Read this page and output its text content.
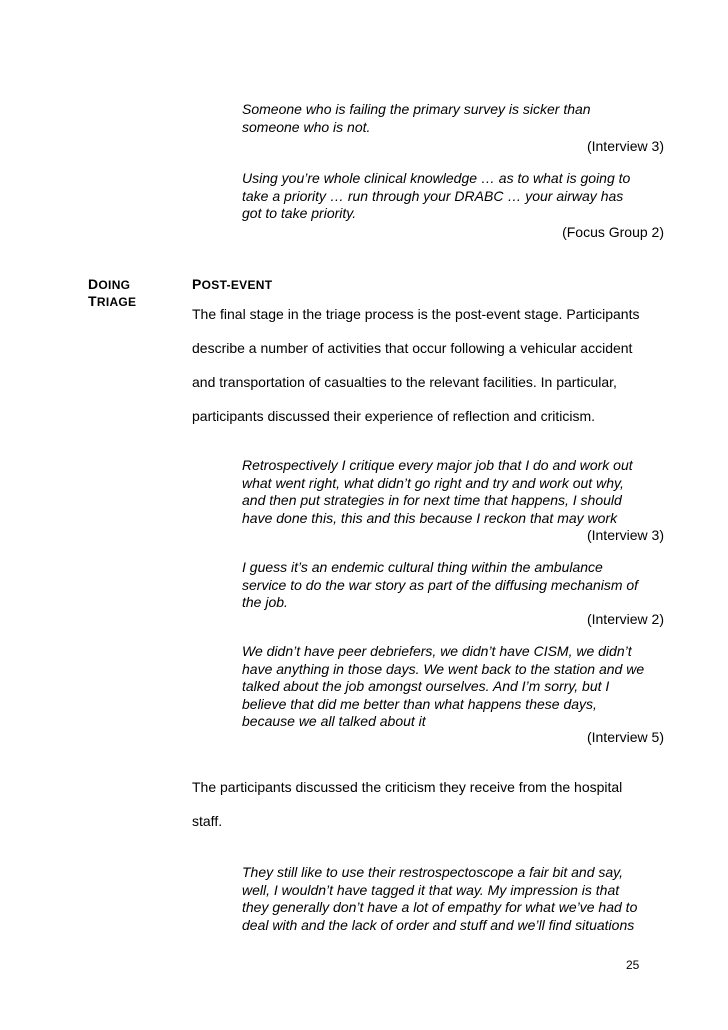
Someone who is failing the primary survey is sicker than

someone who is not.

(Interview 3)

Using you’re whole clinical knowledge … as to what is going to

take a priority … run through your DRABC … your airway has

got to take priority.

(Focus Group 2)
DOING
TRIAGE
POST-EVENT
The final stage in the triage process is the post-event stage. Participants
describe a number of activities that occur following a vehicular accident
and transportation of casualties to the relevant facilities. In particular,
participants discussed their experience of reflection and criticism.

Retrospectively I critique every major job that I do and work out

what went right, what didn’t go right and try and work out why,

and then put strategies in for next time that happens, I should

have done this, this and this because I reckon that may work

(Interview 3)

I guess it’s an endemic cultural thing within the ambulance

service to do the war story as part of the diffusing mechanism of

the job.

(Interview 2)

We didn’t have peer debriefers, we didn’t have CISM, we didn’t

have anything in those days. We went back to the station and we

talked about the job amongst ourselves. And I’m sorry, but I

believe that did me better than what happens these days,

because we all talked about it

(Interview 5)
The participants discussed the criticism they receive from the hospital
staff.

They still like to use their restrospectoscope a fair bit and say,

well, I wouldn’t have tagged it that way. My impression is that

they generally don’t have a lot of empathy for what we’ve had to

deal with and the lack of order and stuff and we’ll find situations

25
